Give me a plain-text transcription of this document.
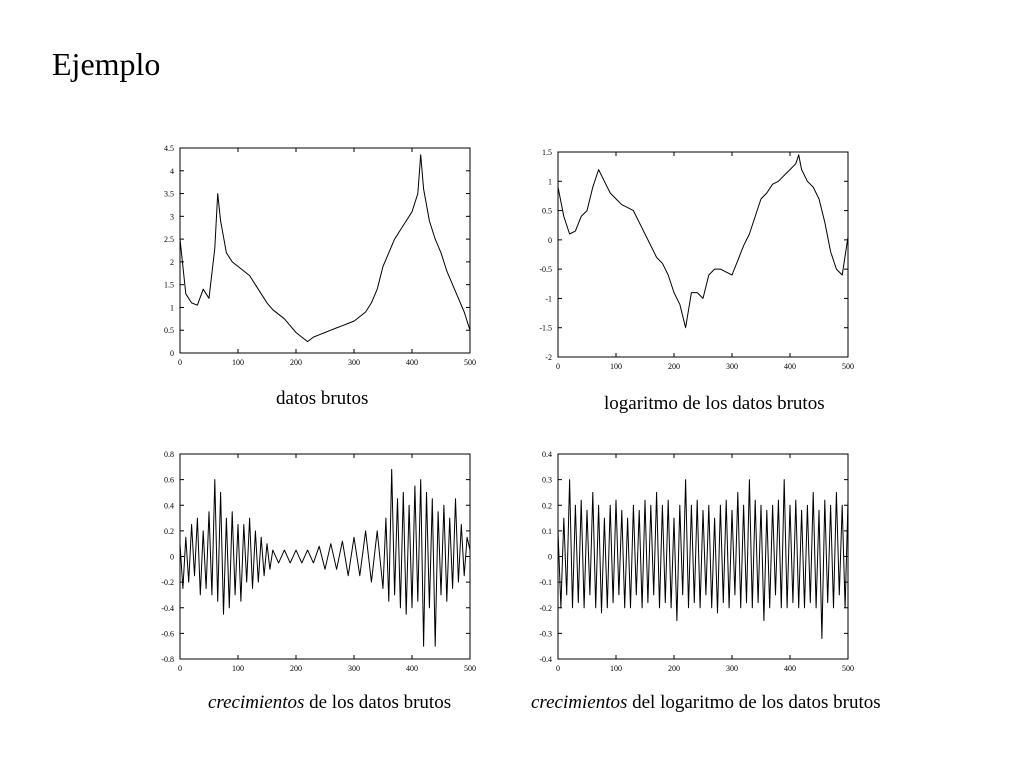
Ejemplo
0	100	200	300	400	500
0
0.5
1
1.5
2
2.5
3
3.5
4
4.5
0	100	200	300	400	500
-2
-1.5
-1
-0.5
0
0.5
1
1.5
0	100	200	300	400	500
-0.8
-0.6
-0.4
-0.2
0
0.2
0.4
0.6
0.8
0	100	200	300	400	500
-0.4
-0.3
-0.2
-0.1
0
0.1
0.2
0.3
0.4
datos brutos	logaritmo de los datos brutos
crecimientos de los datos brutos	crecimientos del logaritmo de los datos brutos
